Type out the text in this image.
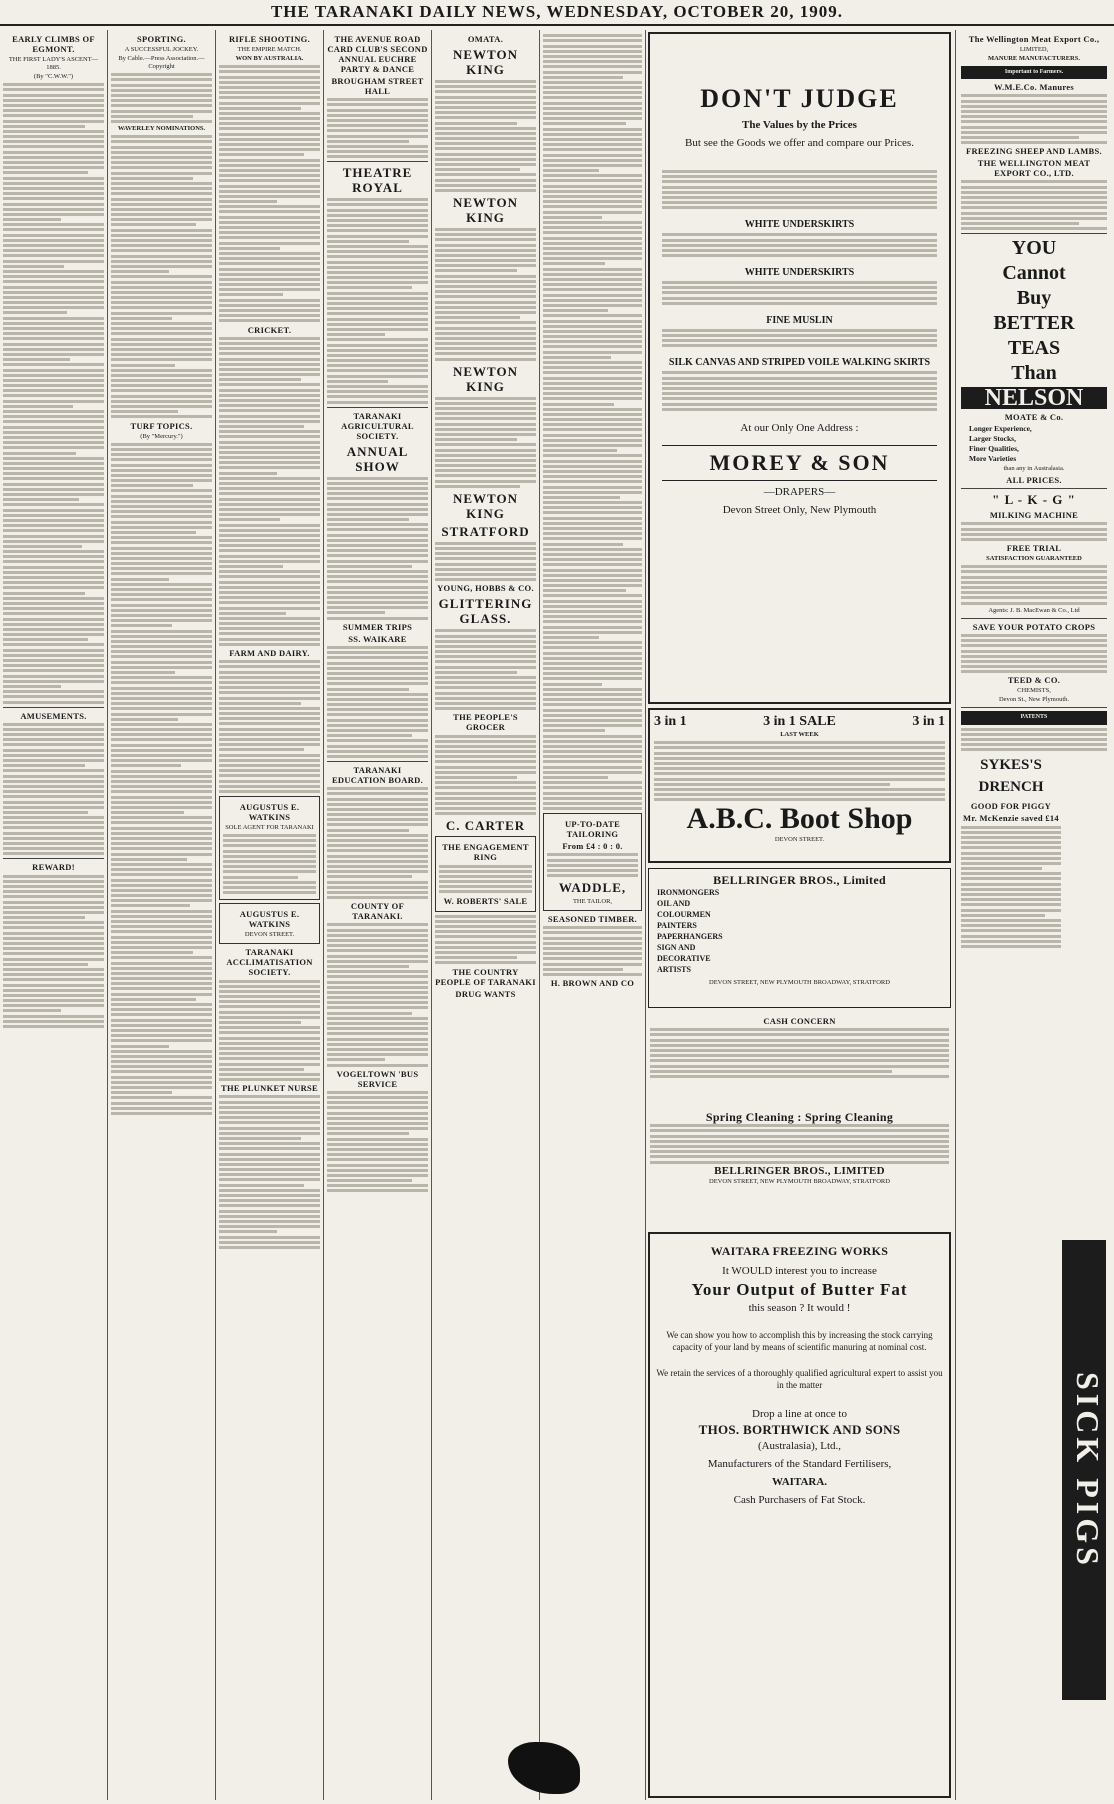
THE TARANAKI DAILY NEWS, WEDNESDAY, OCTOBER 20, 1909.
EARLY CLIMBS OF EGMONT.
THE FIRST LADY'S ASCENT—1885.
(By "C.W.W.")
AMUSEMENTS.
REWARD!
SPORTING.
A SUCCESSFUL JOCKEY.
By Cable.—Press Association.—Copyright
WAVERLEY NOMINATIONS.
TURF TOPICS.
(By "Mercury.")
RIFLE SHOOTING.
THE EMPIRE MATCH.
WON BY AUSTRALIA.
CRICKET.
FARM AND DAIRY.
AUGUSTUS E. WATKINS
SOLE AGENT FOR TARANAKI
AUGUSTUS E. WATKINS
DEVON STREET.
TARANAKI ACCLIMATISATION SOCIETY.
THE PLUNKET NURSE
THE AVENUE ROAD CARD CLUB'S SECOND ANNUAL EUCHRE PARTY & DANCE
BROUGHAM STREET HALL
THEATRE ROYAL
TARANAKI AGRICULTURAL SOCIETY.
ANNUAL SHOW
SUMMER TRIPS
SS. WAIKARE
TARANAKI EDUCATION BOARD.
COUNTY OF TARANAKI.
VOGELTOWN 'BUS SERVICE
OMATA.
NEWTON KING
NEWTON KING
NEWTON KING
NEWTON KING
STRATFORD
YOUNG, HOBBS & CO.
GLITTERING GLASS.
THE PEOPLE'S GROCER
C. CARTER
THE ENGAGEMENT RING
W. ROBERTS' SALE
THE COUNTRY PEOPLE OF TARANAKI
DRUG WANTS
UP-TO-DATE TAILORING
From £4 : 0 : 0.
WADDLE,
THE TAILOR,
SEASONED TIMBER.
H. BROWN AND CO
DON'T JUDGE
The Values by the Prices
But see the Goods we offer and compare our Prices.
WHITE UNDERSKIRTS
WHITE UNDERSKIRTS
FINE MUSLIN
SILK CANVAS AND STRIPED VOILE WALKING SKIRTS
At our Only One Address :
MOREY & SON
—DRAPERS—
Devon Street Only, New Plymouth
3 in 1	3 in 1 SALE	3 in 1
LAST WEEK
A.B.C. Boot Shop
DEVON STREET.
BELLRINGER BROS., Limited
IRONMONGERS
OIL AND
COLOURMEN
PAINTERS
PAPERHANGERS
SIGN AND
DECORATIVE
ARTISTS
DEVON STREET, NEW PLYMOUTH BROADWAY, STRATFORD
CASH CONCERN
Spring Cleaning : Spring Cleaning
BELLRINGER BROS., LIMITED
DEVON STREET, NEW PLYMOUTH BROADWAY, STRATFORD
WAITARA FREEZING WORKS
It WOULD interest you to increase
Your Output of Butter Fat
this season ? It would !
We can show you how to accomplish this by increasing the stock carrying capacity of your land by means of scientific manuring at nominal cost.
We retain the services of a thoroughly qualified agricultural expert to assist you in the matter
Drop a line at once to
THOS. BORTHWICK AND SONS
(Australasia), Ltd.,
Manufacturers of the Standard Fertilisers,
WAITARA.
Cash Purchasers of Fat Stock.
The Wellington Meat Export Co.,
LIMITED,
MANURE MANUFACTURERS.
Important to Farmers.
W.M.E.Co. Manures
FREEZING SHEEP AND LAMBS.
THE WELLINGTON MEAT EXPORT CO., LTD.
YOU
Cannot
Buy
BETTER
TEAS
Than
NELSON
MOATE & Co.
Longer Experience,
Larger Stocks,
Finer Qualities,
More Varieties
than any in Australasia.
ALL PRICES.
" L - K - G "
MILKING MACHINE
FREE TRIAL
SATISFACTION GUARANTEED
Agents: J. B. MacEwan & Co., Ltd
SAVE YOUR POTATO CROPS
TEED & CO.
CHEMISTS,
Devon St., New Plymouth.
PATENTS
SYKES'S DRENCH
GOOD FOR PIGGY
Mr. McKenzie saved £14
SICK PIGS
